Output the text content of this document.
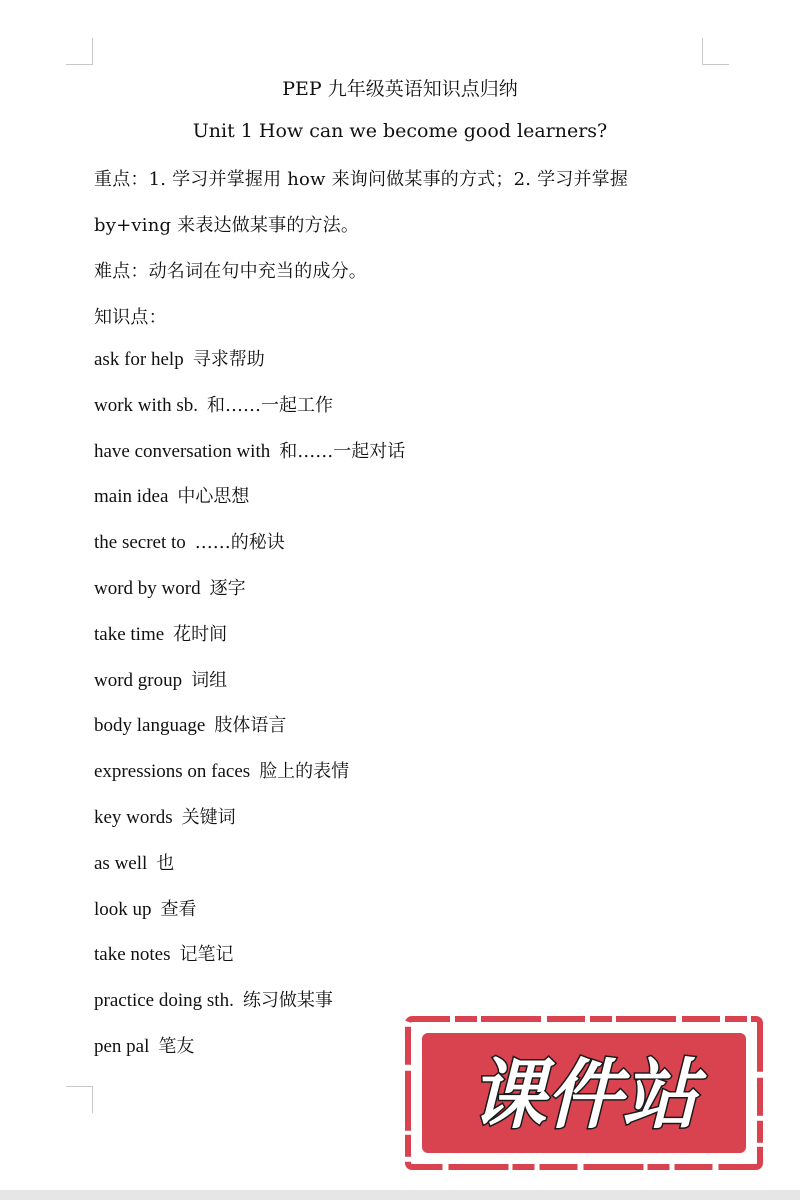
PEP 九年级英语知识点归纳
Unit 1 How can we become good learners?
重点：1. 学习并掌握用 how 来询问做某事的方式；2. 学习并掌握
by+ving 来表达做某事的方法。
难点：动名词在句中充当的成分。
知识点：
ask for help 寻求帮助
work with sb. 和……一起工作
have conversation with 和……一起对话
main idea 中心思想
the secret to ……的秘诀
word by word 逐字
take time 花时间
word group 词组
body language 肢体语言
expressions on faces 脸上的表情
key words 关键词
as well 也
look up 查看
take notes 记笔记
practice doing sth. 练习做某事
pen pal 笔友
课件站
